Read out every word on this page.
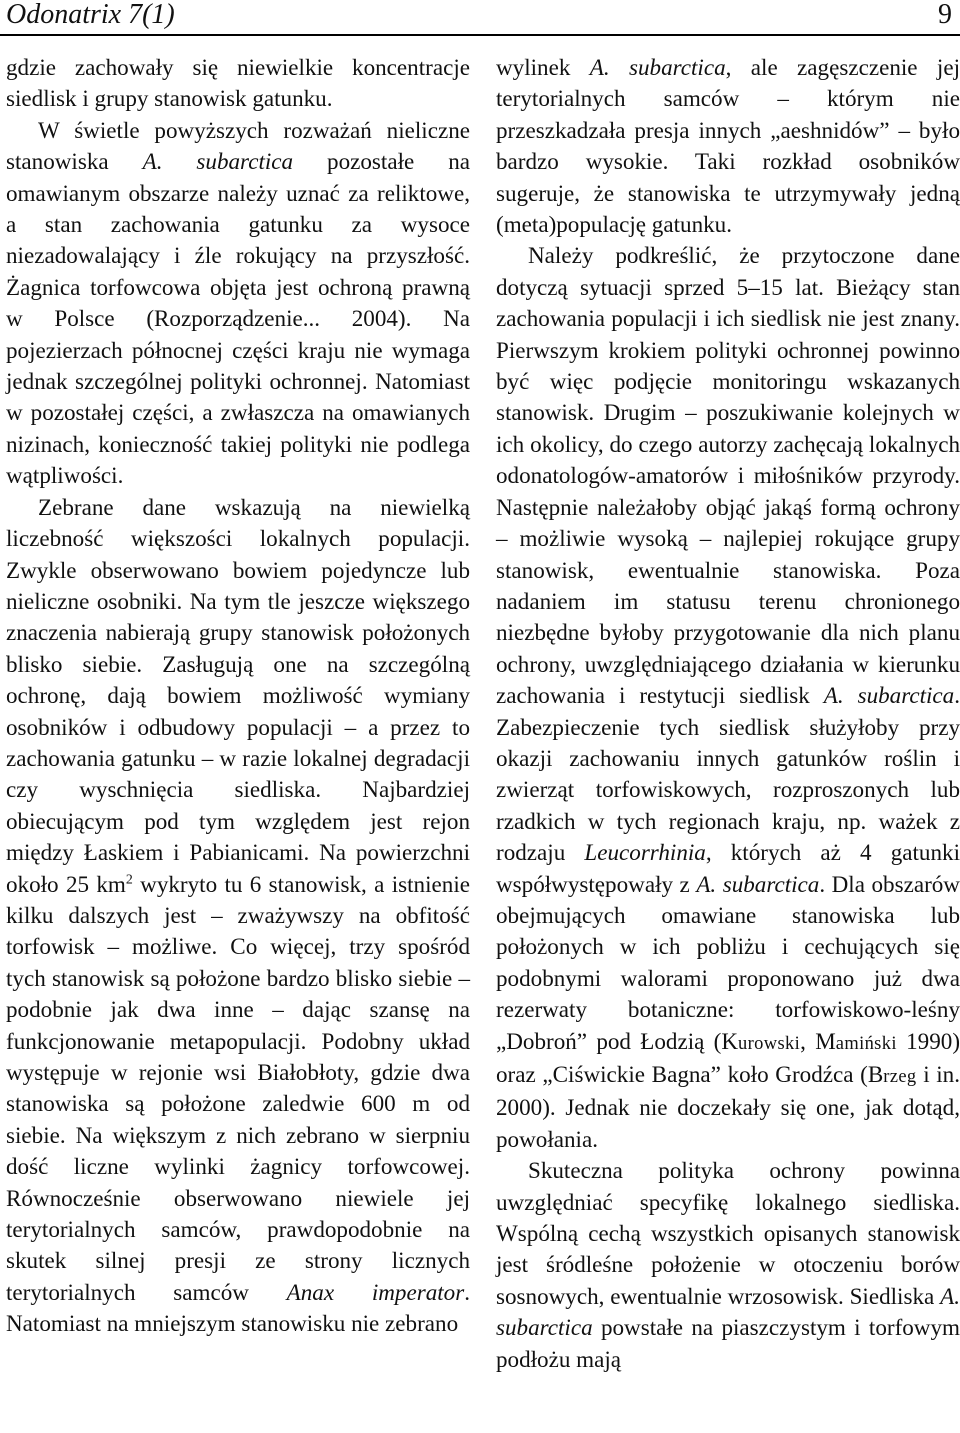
Odonatrix 7(1)	9

gdzie zachowały się niewielkie koncentracje siedlisk i grupy stanowisk gatunku.

W świetle powyższych rozważań nieliczne stanowiska A. subarctica pozostałe na omawianym obszarze należy uznać za reliktowe, a stan zachowania gatunku za wysoce niezadowalający i źle rokujący na przyszłość. Żagnica torfowcowa objęta jest ochroną prawną w Polsce (Rozporządzenie... 2004). Na pojezierzach północnej części kraju nie wymaga jednak szczególnej polityki ochronnej. Natomiast w pozostałej części, a zwłaszcza na omawianych nizinach, konieczność takiej polityki nie podlega wątpliwości.

Zebrane dane wskazują na niewielką liczebność większości lokalnych populacji. Zwykle obserwowano bowiem pojedyncze lub nieliczne osobniki. Na tym tle jeszcze większego znaczenia nabierają grupy stanowisk położonych blisko siebie. Zasługują one na szczególną ochronę, dają bowiem możliwość wymiany osobników i odbudowy populacji – a przez to zachowania gatunku – w razie lokalnej degradacji czy wyschnięcia siedliska. Najbardziej obiecującym pod tym względem jest rejon między Łaskiem i Pabianicami. Na powierzchni około 25 $km^2$ wykryto tu 6 stanowisk, a istnienie kilku dalszych jest – zważywszy na obfitość torfowisk – możliwe. Co więcej, trzy spośród tych stanowisk są położone bardzo blisko siebie – podobnie jak dwa inne – dając szansę na funkcjonowanie metapopulacji. Podobny układ występuje w rejonie wsi Białobłoty, gdzie dwa stanowiska są położone zaledwie 600 m od siebie. Na większym z nich zebrano w sierpniu dość liczne wylinki żagnicy torfowcowej. Równocześnie obserwowano niewiele jej terytorialnych samców, prawdopodobnie na skutek silnej presji ze strony licznych terytorialnych samców Anax imperator. Natomiast na mniejszym stanowisku nie zebrano

wylinek A. subarctica, ale zagęszczenie jej terytorialnych samców – którym nie przeszkadzała presja innych „aeshnidów” – było bardzo wysokie. Taki rozkład osobników sugeruje, że stanowiska te utrzymywały jedną (meta)populację gatunku.

Należy podkreślić, że przytoczone dane dotyczą sytuacji sprzed 5–15 lat. Bieżący stan zachowania populacji i ich siedlisk nie jest znany. Pierwszym krokiem polityki ochronnej powinno być więc podjęcie monitoringu wskazanych stanowisk. Drugim – poszukiwanie kolejnych w ich okolicy, do czego autorzy zachęcają lokalnych odonatologów-amatorów i miłośników przyrody. Następnie należałoby objąć jakąś formą ochrony – możliwie wysoką – najlepiej rokujące grupy stanowisk, ewentualnie stanowiska. Poza nadaniem im statusu terenu chronionego niezbędne byłoby przygotowanie dla nich planu ochrony, uwzględniającego działania w kierunku zachowania i restytucji siedlisk A. subarctica. Zabezpieczenie tych siedlisk służyłoby przy okazji zachowaniu innych gatunków roślin i zwierząt torfowiskowych, rozproszonych lub rzadkich w tych regionach kraju, np. ważek z rodzaju Leucorrhinia, których aż 4 gatunki współwystępowały z A. subarctica. Dla obszarów obejmujących omawiane stanowiska lub położonych w ich pobliżu i cechujących się podobnymi walorami proponowano już dwa rezerwaty botaniczne: torfowiskowo-leśny „Dobroń” pod Łodzią (Kurowski, Mamiński 1990) oraz „Ciświckie Bagna” koło Grodźca (Brzeg i in. 2000). Jednak nie doczekały się one, jak dotąd, powołania.

Skuteczna polityka ochrony powinna uwzględniać specyfikę lokalnego siedliska. Wspólną cechą wszystkich opisanych stanowisk jest śródleśne położenie w otoczeniu borów sosnowych, ewentualnie wrzosowisk. Siedliska A. subarctica powstałe na piaszczystym i torfowym podłożu mają
